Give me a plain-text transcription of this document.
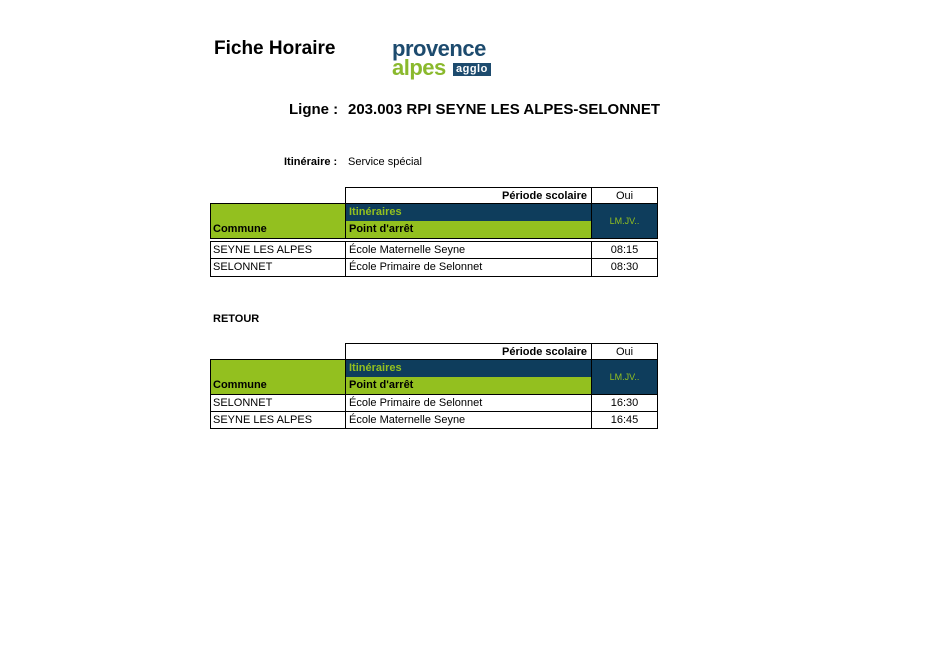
Fiche Horaire	provence
alpes agglo
Ligne : 203.003 RPI SEYNE LES ALPES-SELONNET
Itinéraire : Service spécial
Période scolaire	Oui
Commune
Itinéraires
Point d'arrêt
LM.JV..
SEYNE LES ALPES	École Maternelle Seyne	08:15
SELONNET	École Primaire de Selonnet	08:30
RETOUR
Période scolaire	Oui
Commune
Itinéraires
Point d'arrêt
LM.JV..
SELONNET	École Primaire de Selonnet	16:30
SEYNE LES ALPES	École Maternelle Seyne	16:45
